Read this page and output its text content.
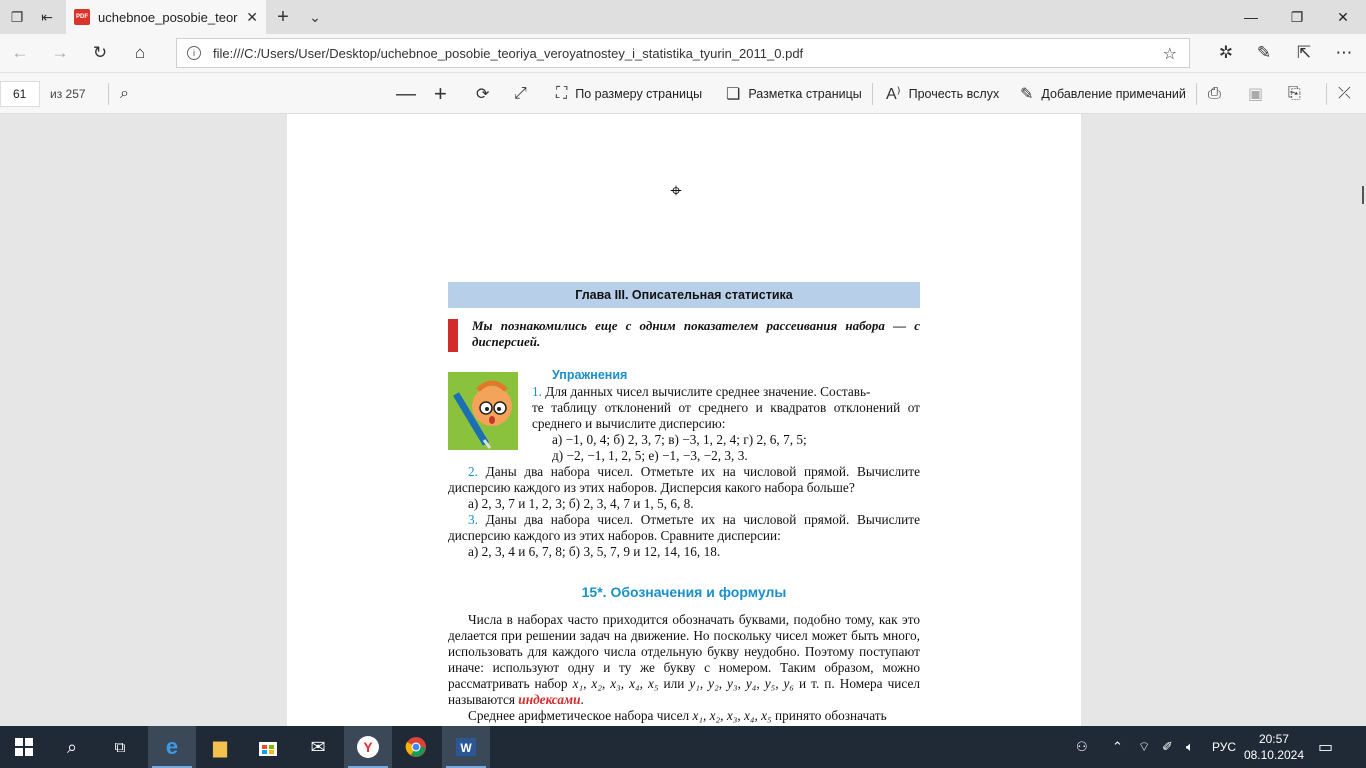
❐	⇤	PDF uchebnoe_posobie_teor ✕ +	⌄	—	❐	✕
←	→	↻	⌂	i	file:///C:/Users/User/Desktop/uchebnoe_posobie_teoriya_veroyatnostey_i_statistika_tyurin_2011_0.pdf	☆	✲	✎	⇱	⋯
61	из 257 ⌕	— + ⟳ ⤢ ⛶ По размеру страницы ❏ Разметка страницы A⁾ Прочесть вслух ✎ Добавление примечаний ⎙ ▣ ⎘ ⤫
⌖
Глава III. Описательная статистика
Мы познакомились еще с одним показателем рассеивания набора — с дисперсией.
Упражнения
1. Для данных чисел вычислите среднее значение. Составь-
те таблицу отклонений от среднего и квадратов отклонений от среднего и вычислите дисперсию:
а) −1, 0, 4; б) 2, 3, 7; в) −3, 1, 2, 4; г) 2, 6, 7, 5;
д) −2, −1, 1, 2, 5; е) −1, −3, −2, 3, 3.
2. Даны два набора чисел. Отметьте их на числовой прямой. Вычислите дисперсию каждого из этих наборов. Дисперсия какого набора больше?
а) 2, 3, 7 и 1, 2, 3; б) 2, 3, 4, 7 и 1, 5, 6, 8.
3. Даны два набора чисел. Отметьте их на числовой прямой. Вычислите дисперсию каждого из этих наборов. Сравните дисперсии:
а) 2, 3, 4 и 6, 7, 8; б) 3, 5, 7, 9 и 12, 14, 16, 18.
15*. Обозначения и формулы
Числа в наборах часто приходится обозначать буквами, подобно тому, как это делается при решении задач на движение. Но поскольку чисел может быть много, использовать для каждого числа отдельную букву неудобно. Поэтому поступают иначе: используют одну и ту же букву с номером. Таким образом, можно рассматривать набор x₁, x₂, x₃, x₄, x₅ или y₁, y₂, y₃, y₄, y₅, y₆ и т. п. Номера чисел называются индексами.
Среднее арифметическое набора чисел x₁, x₂, x₃, x₄, x₅ принято обозначать
⌕	⧉ e ▆	✉	Y	W	⚇ ⌃ ⌔ ✐ 🔈︎ РУС
20:57
08.10.2024 ▭
